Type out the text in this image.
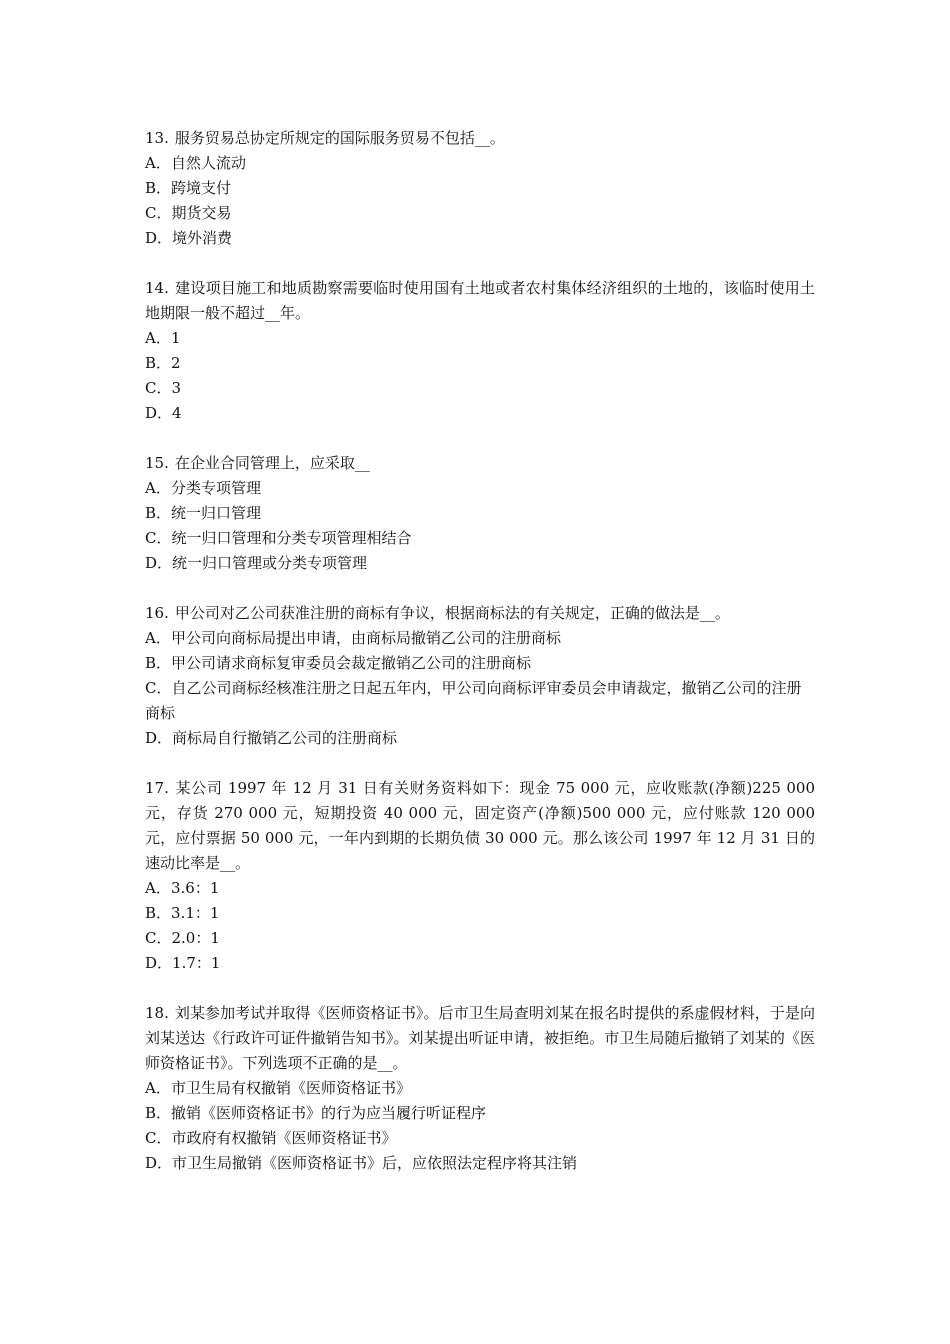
13. 服务贸易总协定所规定的国际服务贸易不包括__。

A．自然人流动
B．跨境支付
C．期货交易
D．境外消费

14. 建设项目施工和地质勘察需要临时使用国有土地或者农村集体经济组织的土地的，该临时使用土地期限一般不超过__年。

A．1
B．2
C．3
D．4

15. 在企业合同管理上，应采取__

A．分类专项管理
B．统一归口管理
C．统一归口管理和分类专项管理相结合
D．统一归口管理或分类专项管理

16. 甲公司对乙公司获准注册的商标有争议，根据商标法的有关规定，正确的做法是__。

A．甲公司向商标局提出申请，由商标局撤销乙公司的注册商标
B．甲公司请求商标复审委员会裁定撤销乙公司的注册商标
C．自乙公司商标经核准注册之日起五年内，甲公司向商标评审委员会申请裁定，撤销乙公司的注册商标
D．商标局自行撤销乙公司的注册商标

17. 某公司 1997 年 12 月 31 日有关财务资料如下：现金 75 000 元，应收账款(净额)225 000 元，存货 270 000 元，短期投资 40 000 元，固定资产(净额)500 000 元，应付账款 120 000 元，应付票据 50 000 元，一年内到期的长期负债 30 000 元。那么该公司 1997 年 12 月 31 日的速动比率是__。

A．3.6：1
B．3.1：1
C．2.0：1
D．1.7：1

18. 刘某参加考试并取得《医师资格证书》。后市卫生局查明刘某在报名时提供的系虚假材料，于是向刘某送达《行政许可证件撤销告知书》。刘某提出听证申请，被拒绝。市卫生局随后撤销了刘某的《医师资格证书》。下列选项不正确的是__。

A．市卫生局有权撤销《医师资格证书》
B．撤销《医师资格证书》的行为应当履行听证程序
C．市政府有权撤销《医师资格证书》
D．市卫生局撤销《医师资格证书》后，应依照法定程序将其注销
